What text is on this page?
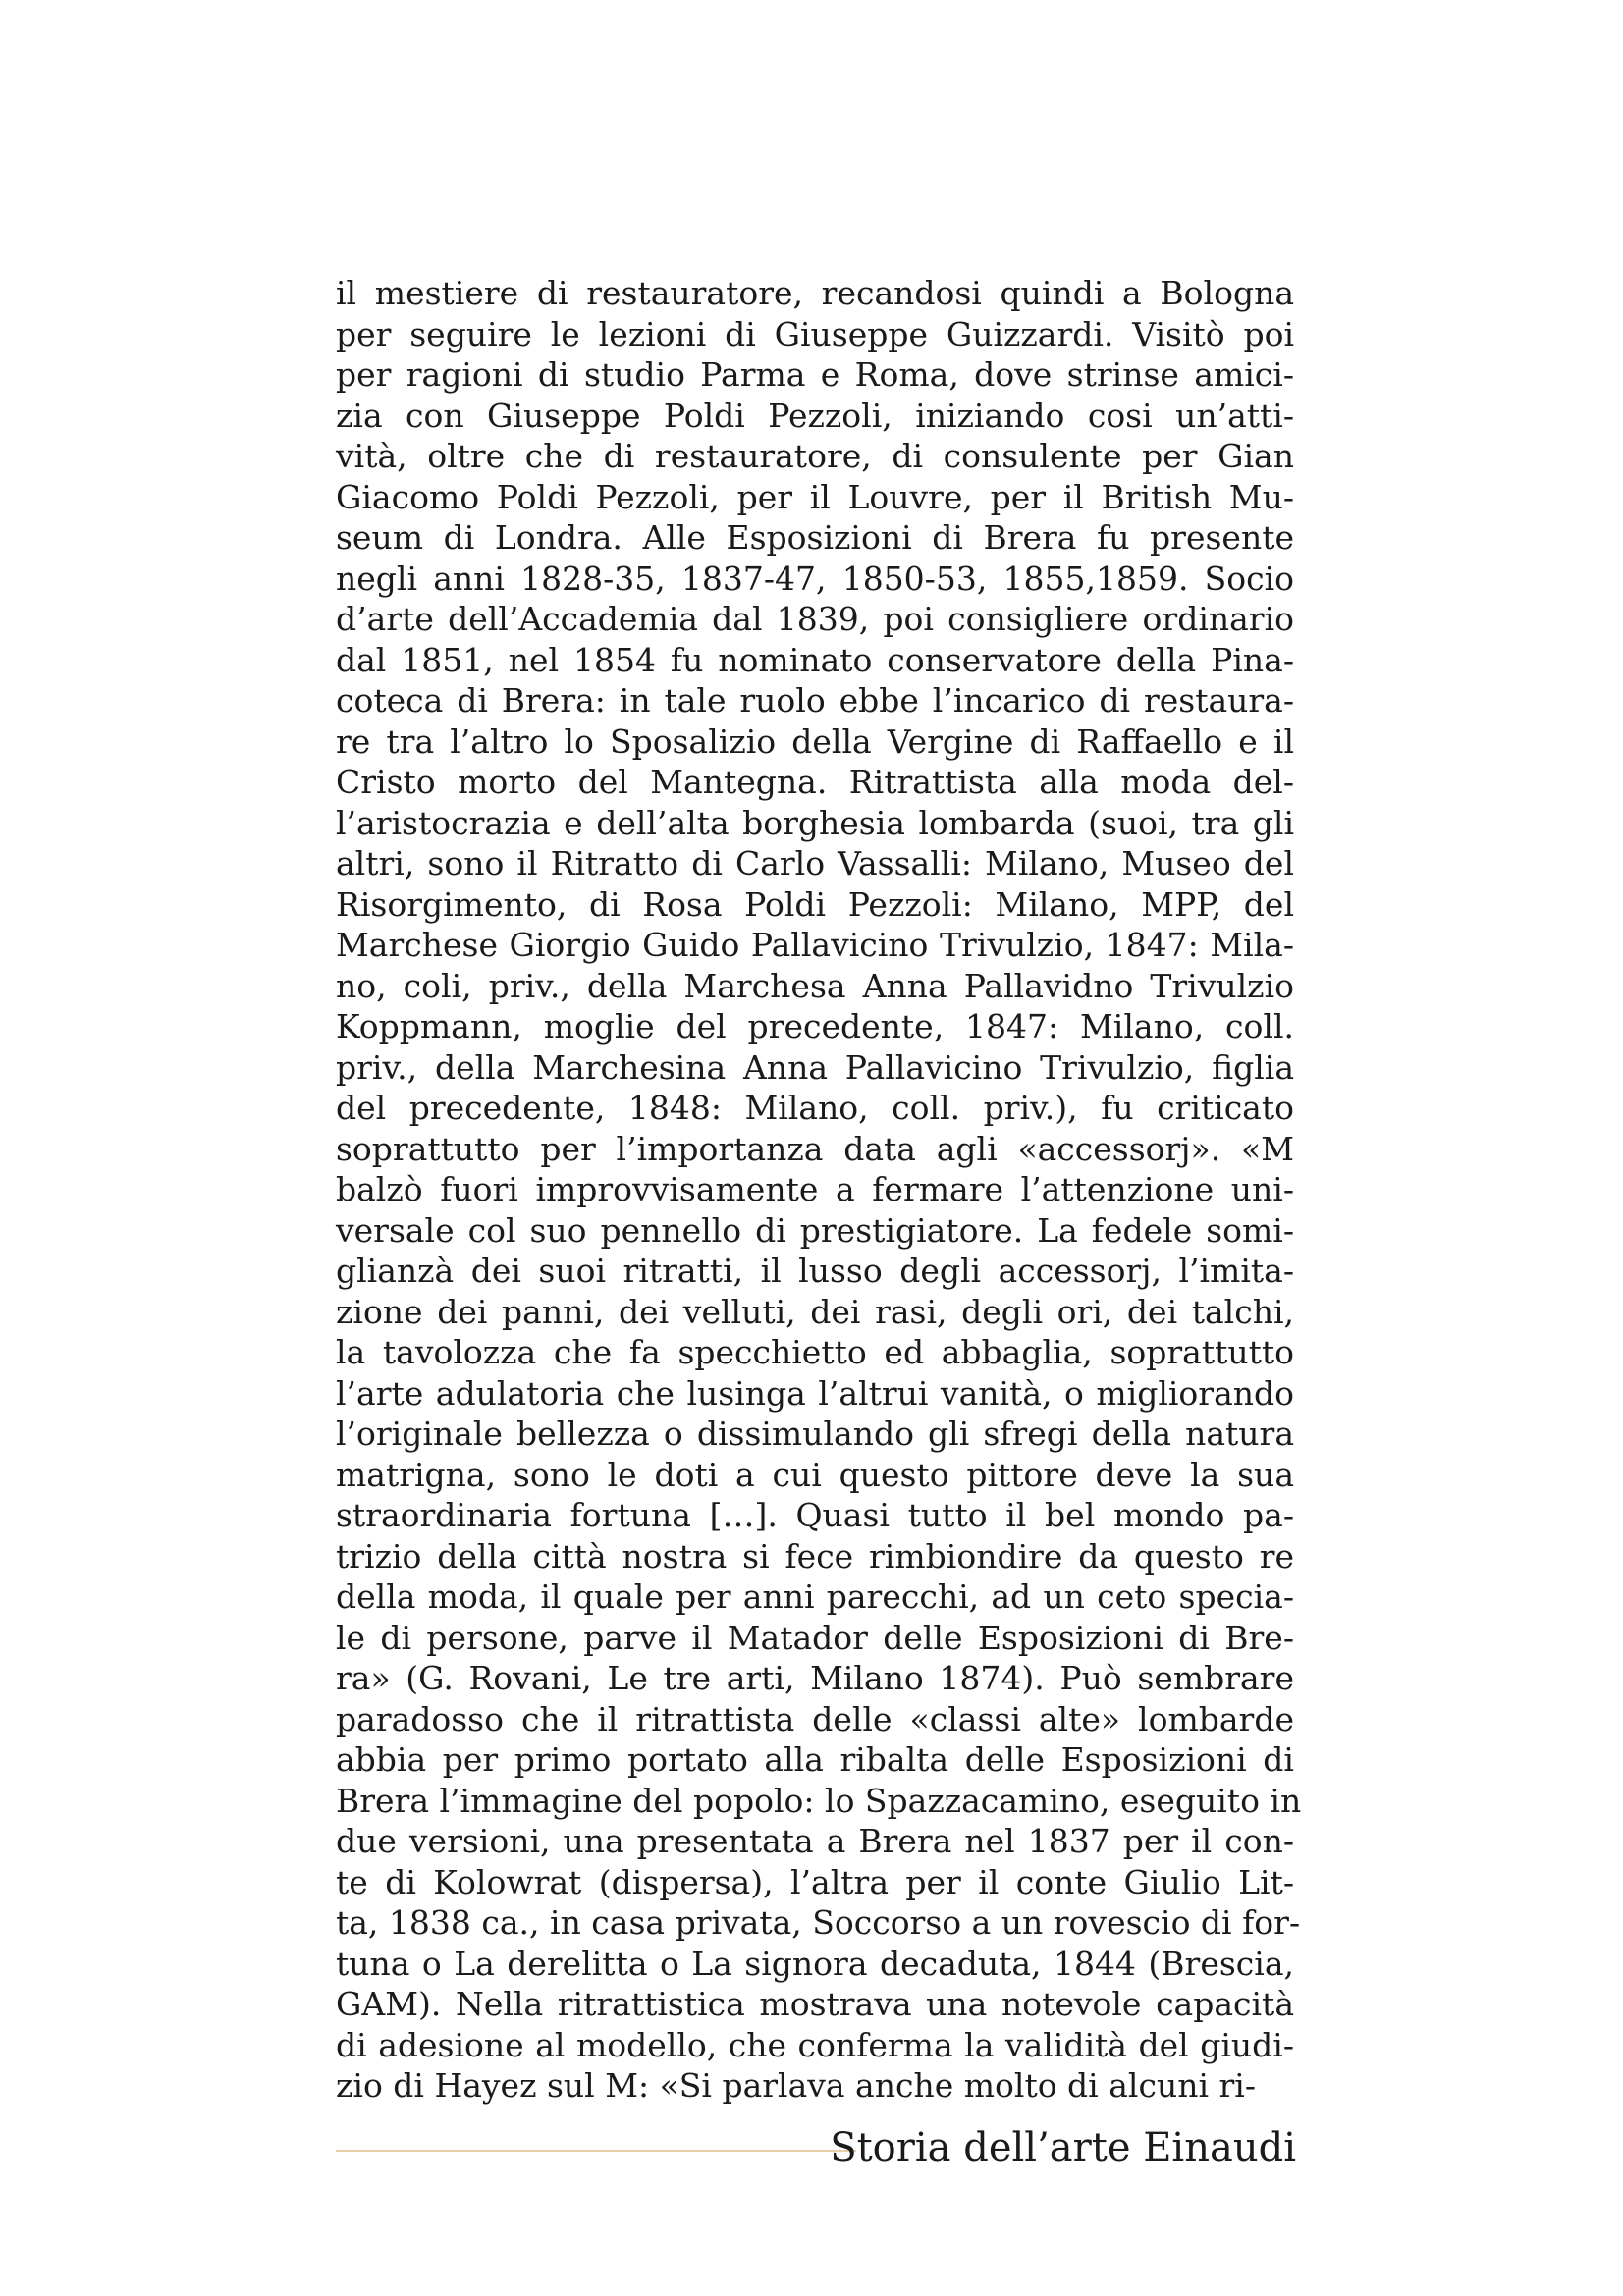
il mestiere di restauratore, recandosi quindi a Bologna
per seguire le lezioni di Giuseppe Guizzardi. Visitò poi
per ragioni di studio Parma e Roma, dove strinse amici-
zia con Giuseppe Poldi Pezzoli, iniziando cosi un’atti-
vità, oltre che di restauratore, di consulente per Gian
Giacomo Poldi Pezzoli, per il Louvre, per il British Mu-
seum di Londra. Alle Esposizioni di Brera fu presente
negli anni 1828-35, 1837-47, 1850-53, 1855,1859. Socio
d’arte dell’Accademia dal 1839, poi consigliere ordinario
dal 1851, nel 1854 fu nominato conservatore della Pina-
coteca di Brera: in tale ruolo ebbe l’incarico di restaura-
re tra l’altro lo Sposalizio della Vergine di Raffaello e il
Cristo morto del Mantegna. Ritrattista alla moda del-
l’aristocrazia e dell’alta borghesia lombarda (suoi, tra gli
altri, sono il Ritratto di Carlo Vassalli: Milano, Museo del
Risorgimento, di Rosa Poldi Pezzoli: Milano, MPP, del
Marchese Giorgio Guido Pallavicino Trivulzio, 1847: Mila-
no, coli, priv., della Marchesa Anna Pallavidno Trivulzio
Koppmann, moglie del precedente, 1847: Milano, coll.
priv., della Marchesina Anna Pallavicino Trivulzio, figlia
del precedente, 1848: Milano, coll. priv.), fu criticato
soprattutto per l’importanza data agli «accessorj». «M
balzò fuori improvvisamente a fermare l’attenzione uni-
versale col suo pennello di prestigiatore. La fedele somi-
glianzà dei suoi ritratti, il lusso degli accessorj, l’imita-
zione dei panni, dei velluti, dei rasi, degli ori, dei talchi,
la tavolozza che fa specchietto ed abbaglia, soprattutto
l’arte adulatoria che lusinga l’altrui vanità, o migliorando
l’originale bellezza o dissimulando gli sfregi della natura
matrigna, sono le doti a cui questo pittore deve la sua
straordinaria fortuna […]. Quasi tutto il bel mondo pa-
trizio della città nostra si fece rimbiondire da questo re
della moda, il quale per anni parecchi, ad un ceto speciа-
le di persone, parve il Matador delle Esposizioni di Bre-
ra» (G. Rovani, Le tre arti, Milano 1874). Può sembrare
paradosso che il ritrattista delle «classi alte» lombarde
abbia per primo portato alla ribalta delle Esposizioni di
Brera l’immagine del popolo: lo Spazzacamino, eseguito in
due versioni, una presentata a Brera nel 1837 per il con-
te di Kolowrat (dispersa), l’altra per il conte Giulio Lit-
ta, 1838 ca., in casa privata, Soccorso a un rovescio di for-
tuna o La derelitta o La signora decaduta, 1844 (Brescia,
GAM). Nella ritrattistica mostrava una notevole capacità
di adesione al modello, che conferma la validità del giudi-
zio di Hayez sul M: «Si parlava anche molto di alcuni ri-
Storia dell’arte Einaudi
